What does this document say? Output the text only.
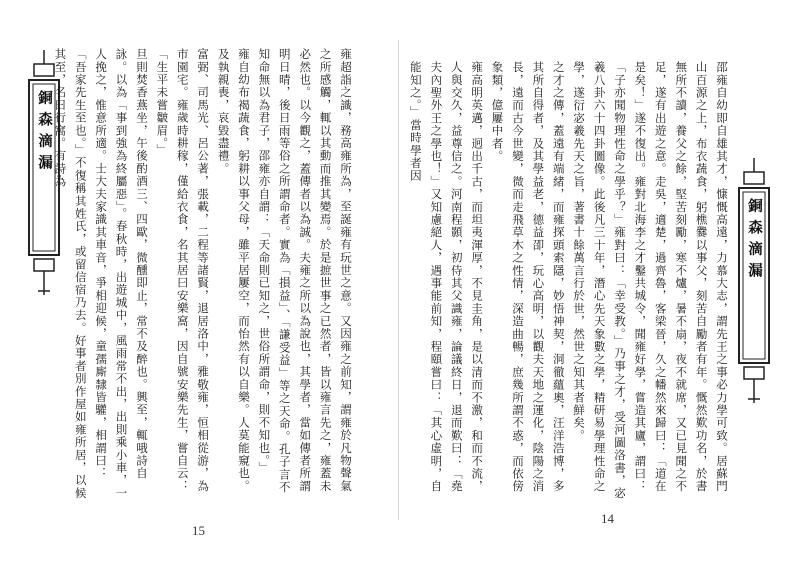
銅森滴漏	雍超詣之識，務高雍所為，至誕雍有玩世之意。又因雍之前知，謂雍於凡物聲氣之所感觸，輒以其動而推其變焉。於是摭世事之已然者，皆以雍言先之，雍蓋未必然也。以今觀之，蓋傳者以為誠。夫雍之所以為說也，其學者，當如傳者所謂明日晴，後日雨等俗之所謂命者。實為「損益」、「謙受益」等之天命。孔子言不知命無以為君子，邵雍亦自謂：「天命則已知之，世俗所謂命，則不知也。」
雍自幼布褐蔬食，躬耕以事父母，雖平居屢空，而怡然有以自樂。人莫能窺也。及執親喪，哀毀盡禮。
富弼、司馬光、呂公著，張載，二程等諸賢，退居洛中，雅敬雍，恒相從游，為市園宅。雍歲時耕稼，僅給衣食，名其居曰安樂窩，因自號安樂先生，嘗自云：「生平未嘗皺眉。」
旦則焚香燕坐，午後酌酒三、四歐，微醺即止，常不及醉也。興至，輒哦詩自詠。以為「事到強為終屬惡」。春秋時，出遊城中，風雨常不出，出則乘小車，一人挽之，惟意所適。士大夫家識其車音，爭相迎候，童孺廝隸皆驩，相謂曰：「吾家先生至也。」不復稱其姓氏，或留信宿乃去。好事者別作屋如雍所居，以候其至，名曰行窩。有詩為
15
邵雍自幼即自雄其才，慷慨高遠，力慕大志，謂先王之事必力學可致。居蘇門山百源之上，布衣蔬食，躬樵爨以事父，刻苦自勵者有年。慨然歎功名，於書無所不讀，養父之餘，堅苦刻勵，寒不爐，暑不扇，夜不就席，又已見聞之不足，遂有出遊之意。走吳，適楚，過齊魯，客梁晉，久之幡然來歸曰：「道在是矣！」遂不復出。雍對北海李之才鑿共城令，聞雍好學，嘗造其廬，謂曰：「子亦聞物理性命之學乎？」雍對曰：「幸受教。」乃事之才，受河圖洛書，宓羲八卦六十四卦圖像。此後凡三十年，潛心先天象數之學，精研易學理性命之學，遂衍宓羲先天之旨，著書十餘萬言行於世，然世之知其者鮮矣。
之才之傳，蓋遠有端緒，而雍探頭索隱，妙悟神契，洞徹蘊奧，汪洋浩博，多其所自得者，及其學益老，德益卲，玩心高明，以觀夫天地之運化，陰陽之消長，遠而古今世變，微而走飛草木之性情，深造曲暢，庶幾所謂不惑，而依傍象類，億屢中者。
雍高明英邁，迥出千古，而坦夷渾厚，不見圭角，是以清而不激，和而不流，人與交久，益尊信之。河南程顥，初侍其父識雍，論議終日，退而歎曰：「堯夫內聖外王之學也！」又知慮絕人，遇事能前知，程頤嘗曰：「其心虛明，自能知之。」當時學者因
銅森滴漏
14
